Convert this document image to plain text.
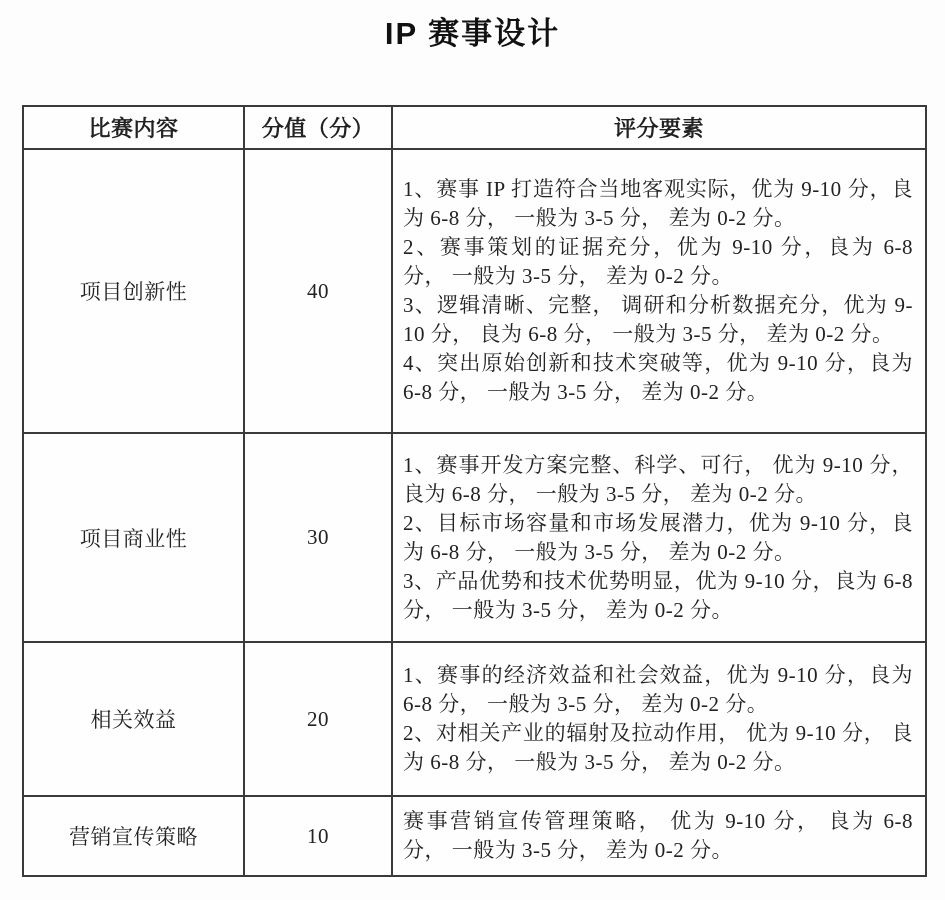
IP 赛事设计
比赛内容	分值（分）	评分要素
项目创新性	40	1、赛事 IP 打造符合当地客观实际，优为 9-10 分，良为 6-8 分， 一般为 3-5 分， 差为 0-2 分。
2、赛事策划的证据充分，优为 9-10 分，良为 6-8 分， 一般为 3-5 分， 差为 0-2 分。
3、逻辑清晰、完整， 调研和分析数据充分，优为 9-10 分， 良为 6-8 分， 一般为 3-5 分， 差为 0-2 分。
4、突出原始创新和技术突破等，优为 9-10 分，良为 6-8 分， 一般为 3-5 分， 差为 0-2 分。

项目商业性	30	1、赛事开发方案完整、科学、可行， 优为 9-10 分， 良为 6-8 分， 一般为 3-5 分， 差为 0-2 分。
2、目标市场容量和市场发展潜力，优为 9-10 分，良为 6-8 分， 一般为 3-5 分， 差为 0-2 分。
3、产品优势和技术优势明显，优为 9-10 分，良为 6-8 分， 一般为 3-5 分， 差为 0-2 分。

相关效益	20	1、赛事的经济效益和社会效益，优为 9-10 分，良为 6-8 分， 一般为 3-5 分， 差为 0-2 分。
2、对相关产业的辐射及拉动作用， 优为 9-10 分， 良为 6-8 分， 一般为 3-5 分， 差为 0-2 分。

营销宣传策略	10	赛事营销宣传管理策略， 优为 9-10 分， 良为 6-8 分， 一般为 3-5 分， 差为 0-2 分。
